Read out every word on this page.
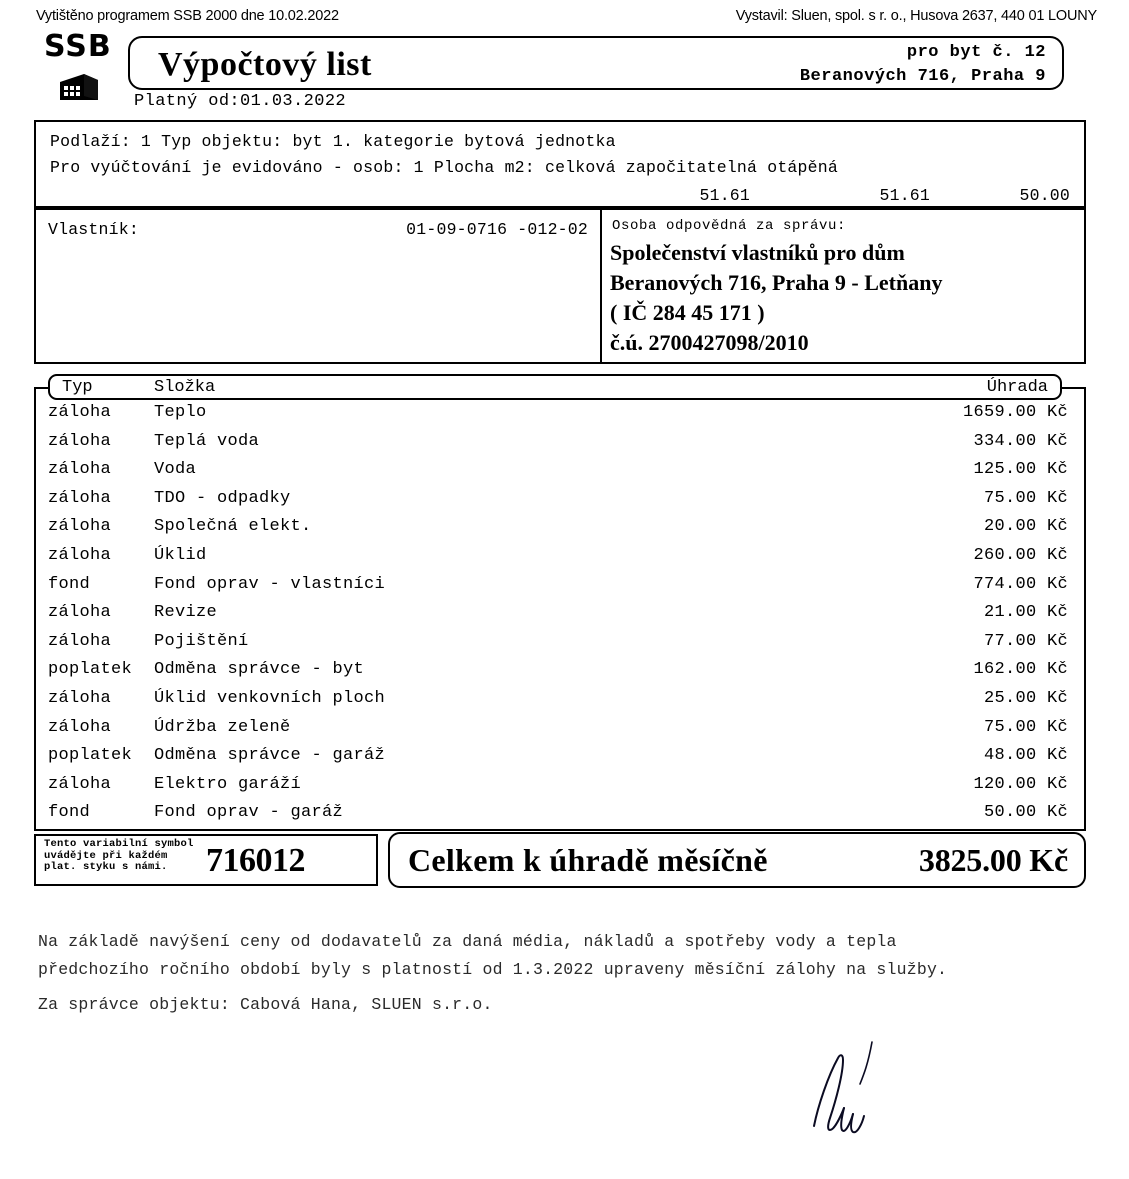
Vytištěno programem SSB 2000 dne 10.02.2022	Vystavil: Sluen, spol. s r. o., Husova 2637, 440 01 LOUNY
SSB	Výpočtový list	pro byt č. 12
Beranových 716, Praha 9
Platný od:01.03.2022
Podlaží: 1 Typ objektu: byt 1. kategorie bytová jednotka
Pro vyúčtování je evidováno - osob: 1 Plocha m2: celková započitatelná otápěná
51.61	51.61	50.00
Vlastník:	01-09-0716 -012-02 Osoba odpovědná za správu:
Společenství vlastníků pro dům
Beranových 716, Praha 9 - Letňany
( IČ 284 45 171 )
č.ú. 2700427098/2010
Typ	Složka	Úhrada
záloha	Teplo	1659.00 Kč
záloha	Teplá voda	334.00 Kč
záloha	Voda	125.00 Kč
záloha	TDO - odpadky	75.00 Kč
záloha	Společná elekt.	20.00 Kč
záloha	Úklid	260.00 Kč
fond	Fond oprav - vlastníci	774.00 Kč
záloha	Revize	21.00 Kč
záloha	Pojištění	77.00 Kč
poplatek Odměna správce - byt	162.00 Kč
záloha	Úklid venkovních ploch	25.00 Kč
záloha	Údržba zeleně	75.00 Kč
poplatek Odměna správce - garáž	48.00 Kč
záloha	Elektro garáží	120.00 Kč
fond	Fond oprav - garáž	50.00 Kč
Tento variabilní symbol uvádějte při každém plat. styku s námi.	716012	Celkem k úhradě měsíčně	3825.00 Kč
Na základě navýšení ceny od dodavatelů za daná média, nákladů a spotřeby vody a tepla
předchozího ročního období byly s platností od 1.3.2022 upraveny měsíční zálohy na služby.
Za správce objektu: Cabová Hana, SLUEN s.r.o.
